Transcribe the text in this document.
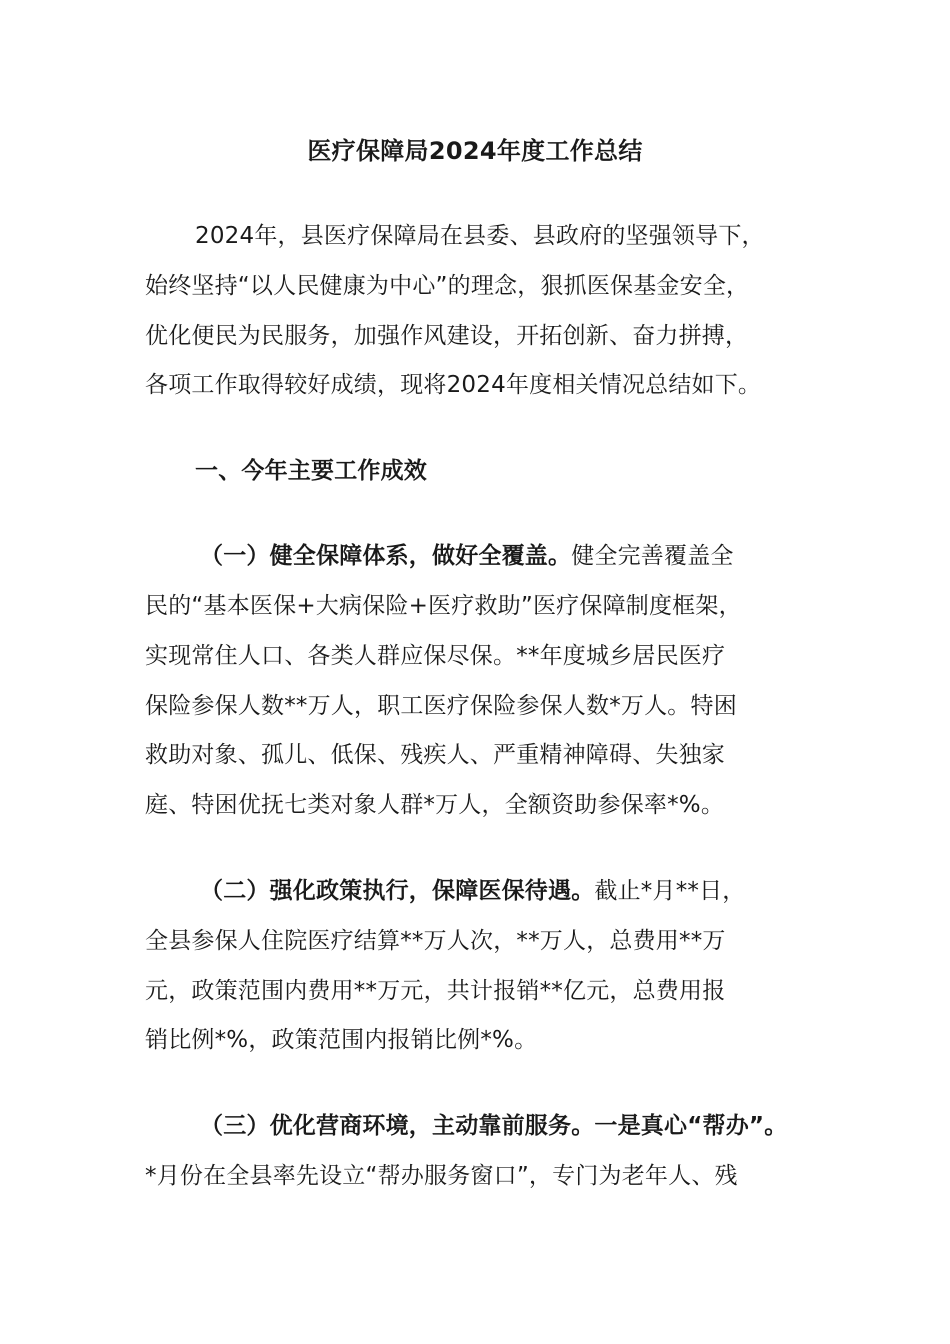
医疗保障局2024年度工作总结
2024年，县医疗保障局在县委、县政府的坚强领导下，
始终坚持“以人民健康为中心”的理念，狠抓医保基金安全，
优化便民为民服务，加强作风建设，开拓创新、奋力拼搏，
各项工作取得较好成绩，现将2024年度相关情况总结如下。
一、今年主要工作成效
（一）健全保障体系，做好全覆盖。健全完善覆盖全
民的“基本医保+大病保险+医疗救助”医疗保障制度框架，
实现常住人口、各类人群应保尽保。**年度城乡居民医疗
保险参保人数**万人，职工医疗保险参保人数*万人。特困
救助对象、孤儿、低保、残疾人、严重精神障碍、失独家
庭、特困优抚七类对象人群*万人，全额资助参保率*%。
（二）强化政策执行，保障医保待遇。截止*月**日，
全县参保人住院医疗结算**万人次，**万人，总费用**万
元，政策范围内费用**万元，共计报销**亿元，总费用报
销比例*%，政策范围内报销比例*%。
（三）优化营商环境，主动靠前服务。一是真心“帮办”。
*月份在全县率先设立“帮办服务窗口”，专门为老年人、残
